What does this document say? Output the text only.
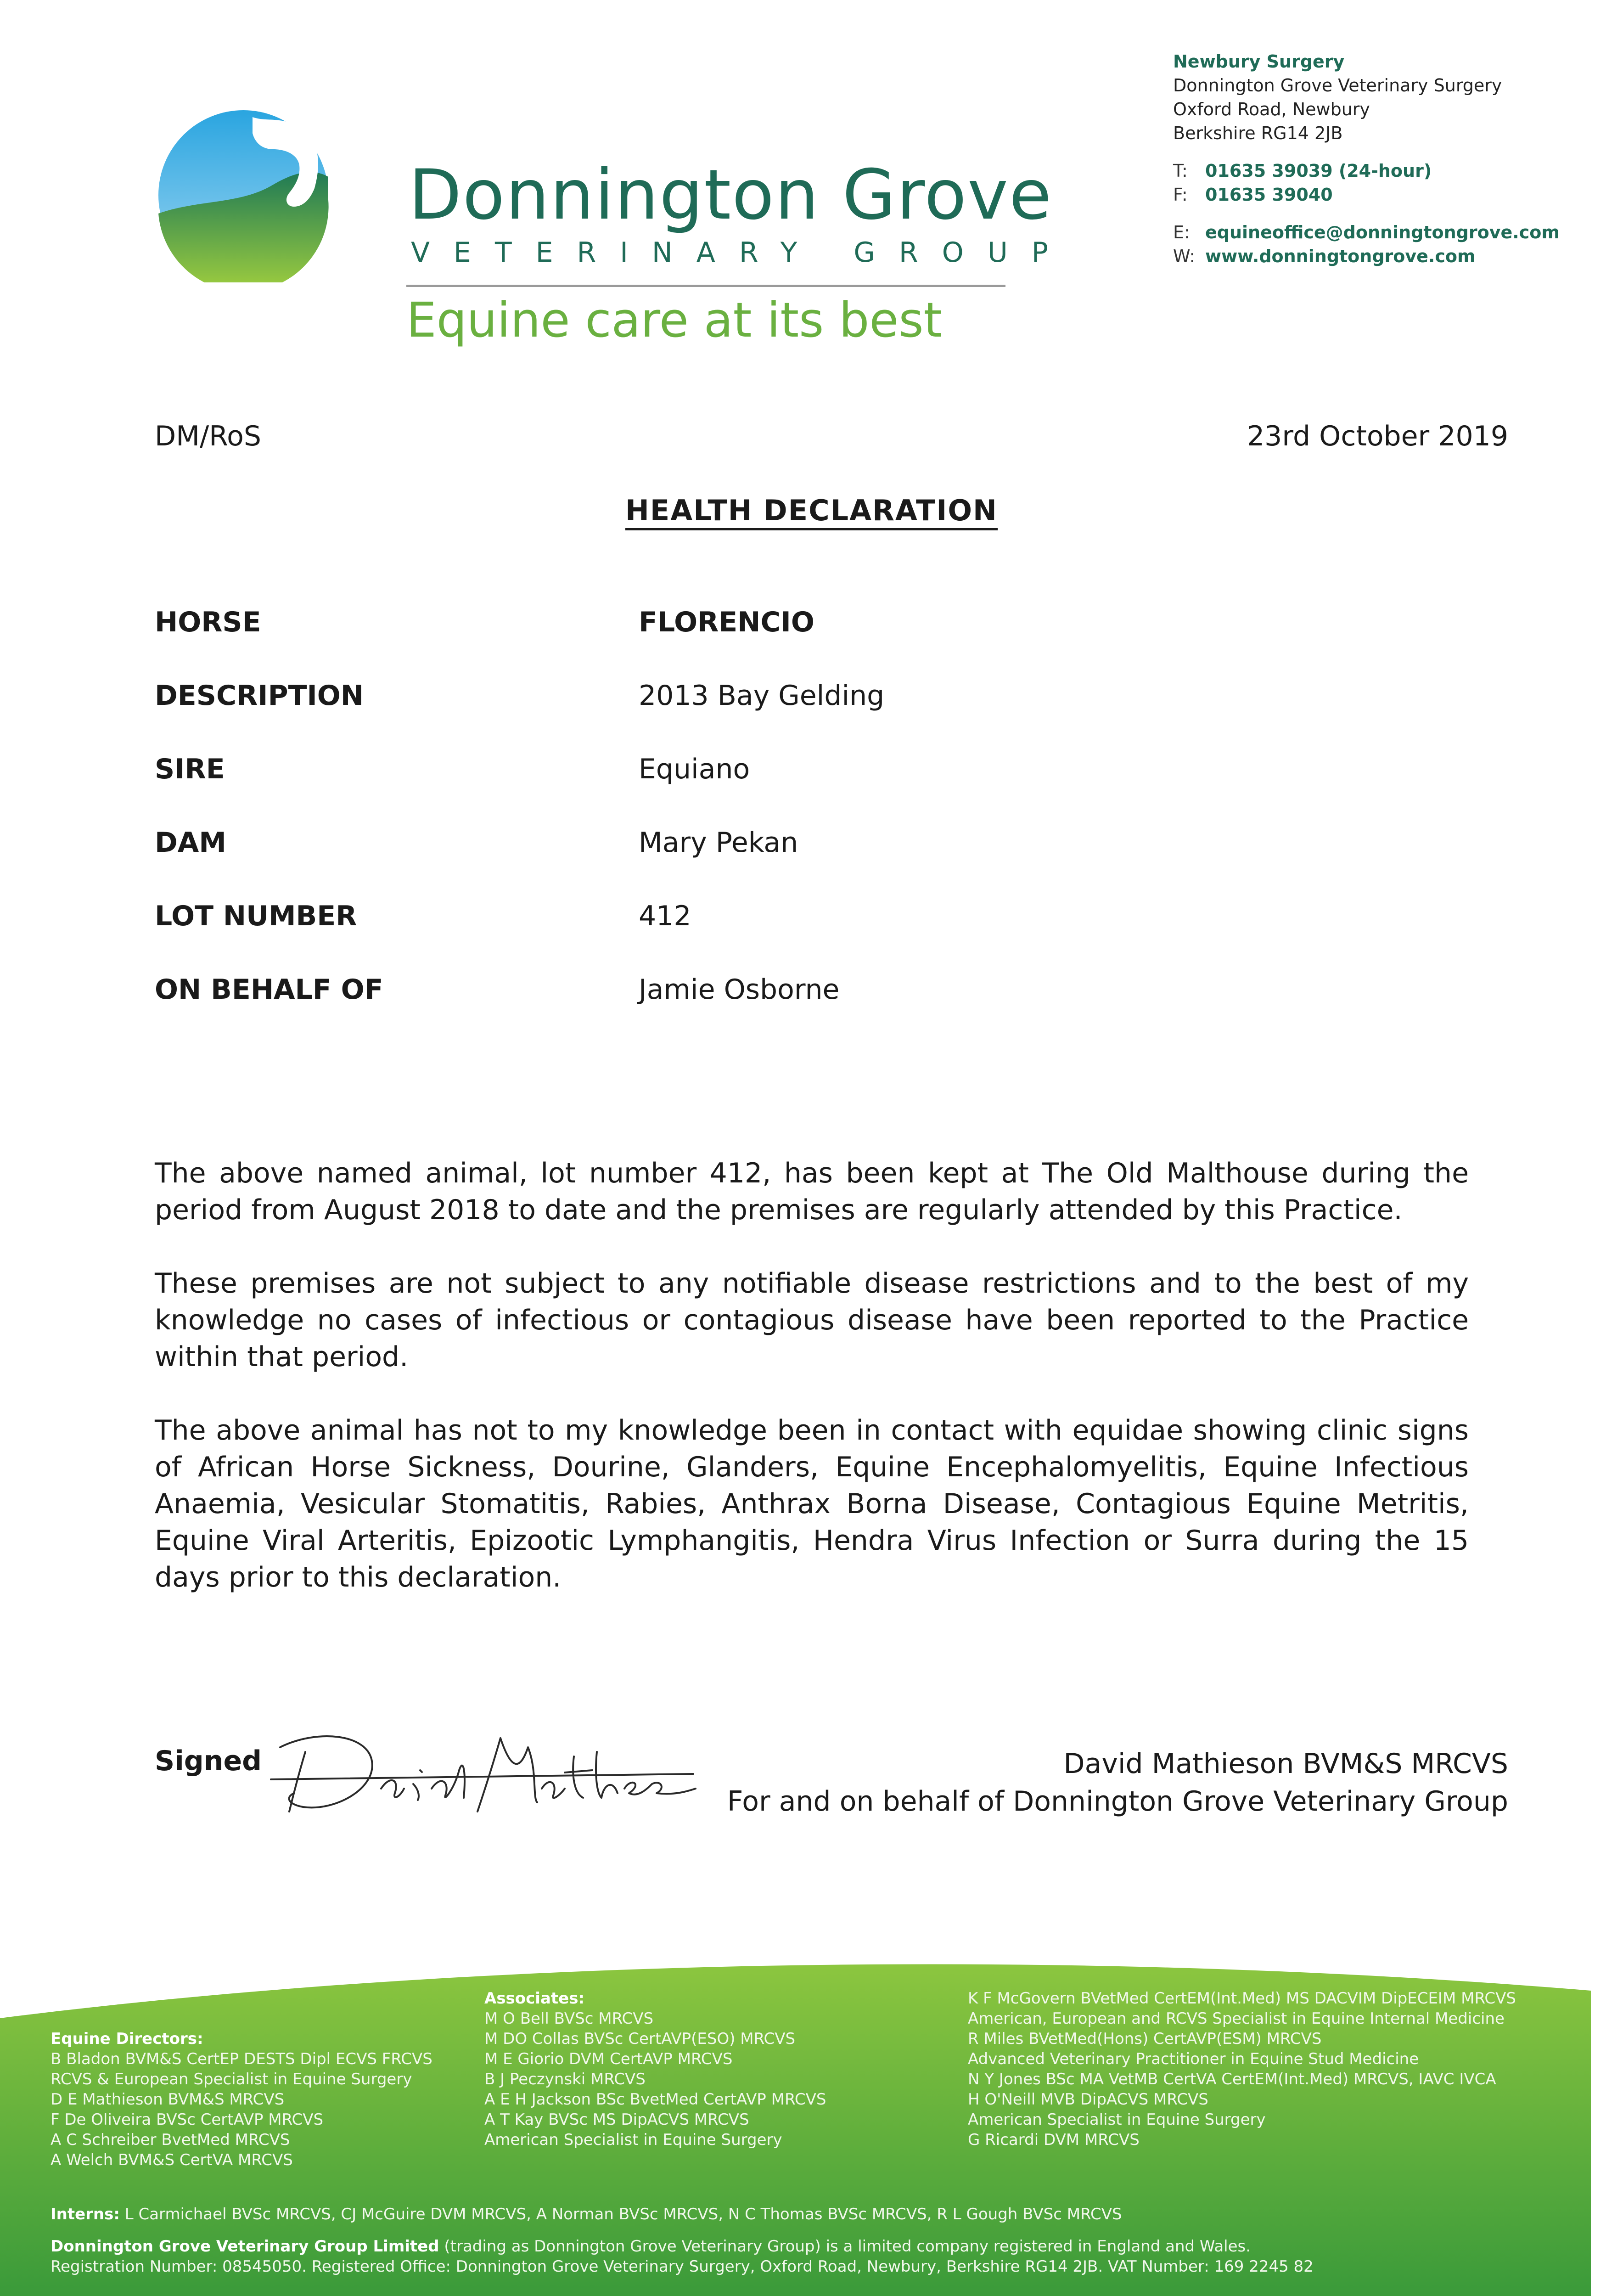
Donnington Grove
VETERINARY GROUP
Equine care at its best
Newbury Surgery
Donnington Grove Veterinary Surgery
Oxford Road, Newbury
Berkshire RG14 2JB
T: 01635 39039 (24-hour)
F: 01635 39040
E: equineoffice@donningtongrove.com
W: www.donningtongrove.com
DM/RoS	23rd October 2019
HEALTH DECLARATION
HORSE	FLORENCIO
DESCRIPTION	2013 Bay Gelding
SIRE	Equiano
DAM	Mary Pekan
LOT NUMBER	412
ON BEHALF OF	Jamie Osborne

The above named animal, lot number 412, has been kept at The Old Malthouse during the period from August 2018 to date and the premises are regularly attended by this Practice.

These premises are not subject to any notifiable disease restrictions and to the best of my knowledge no cases of infectious or contagious disease have been reported to the Practice within that period.

The above animal has not to my knowledge been in contact with equidae showing clinic signs of African Horse Sickness, Dourine, Glanders, Equine Encephalomyelitis, Equine Infectious Anaemia, Vesicular Stomatitis, Rabies, Anthrax Borna Disease, Contagious Equine Metritis, Equine Viral Arteritis, Epizootic Lymphangitis, Hendra Virus Infection or Surra during the 15 days prior to this declaration.

Signed	David Mathieson BVM&S MRCVS
For and on behalf of Donnington Grove Veterinary Group
Equine Directors:
B Bladon BVM&S CertEP DESTS Dipl ECVS FRCVS
RCVS & European Specialist in Equine Surgery
D E Mathieson BVM&S MRCVS
F De Oliveira BVSc CertAVP MRCVS
A C Schreiber BvetMed MRCVS
A Welch BVM&S CertVA MRCVS
Associates:
M O Bell BVSc MRCVS
M DO Collas BVSc CertAVP(ESO) MRCVS
M E Giorio DVM CertAVP MRCVS
B J Peczynski MRCVS
A E H Jackson BSc BvetMed CertAVP MRCVS
A T Kay BVSc MS DipACVS MRCVS
American Specialist in Equine Surgery
K F McGovern BVetMed CertEM(Int.Med) MS DACVIM DipECEIM MRCVS
American, European and RCVS Specialist in Equine Internal Medicine
R Miles BVetMed(Hons) CertAVP(ESM) MRCVS
Advanced Veterinary Practitioner in Equine Stud Medicine
N Y Jones BSc MA VetMB CertVA CertEM(Int.Med) MRCVS, IAVC IVCA
H O'Neill MVB DipACVS MRCVS
American Specialist in Equine Surgery
G Ricardi DVM MRCVS
Interns: L Carmichael BVSc MRCVS, CJ McGuire DVM MRCVS, A Norman BVSc MRCVS, N C Thomas BVSc MRCVS, R L Gough BVSc MRCVS
Donnington Grove Veterinary Group Limited (trading as Donnington Grove Veterinary Group) is a limited company registered in England and Wales.
Registration Number: 08545050. Registered Office: Donnington Grove Veterinary Surgery, Oxford Road, Newbury, Berkshire RG14 2JB. VAT Number: 169 2245 82
